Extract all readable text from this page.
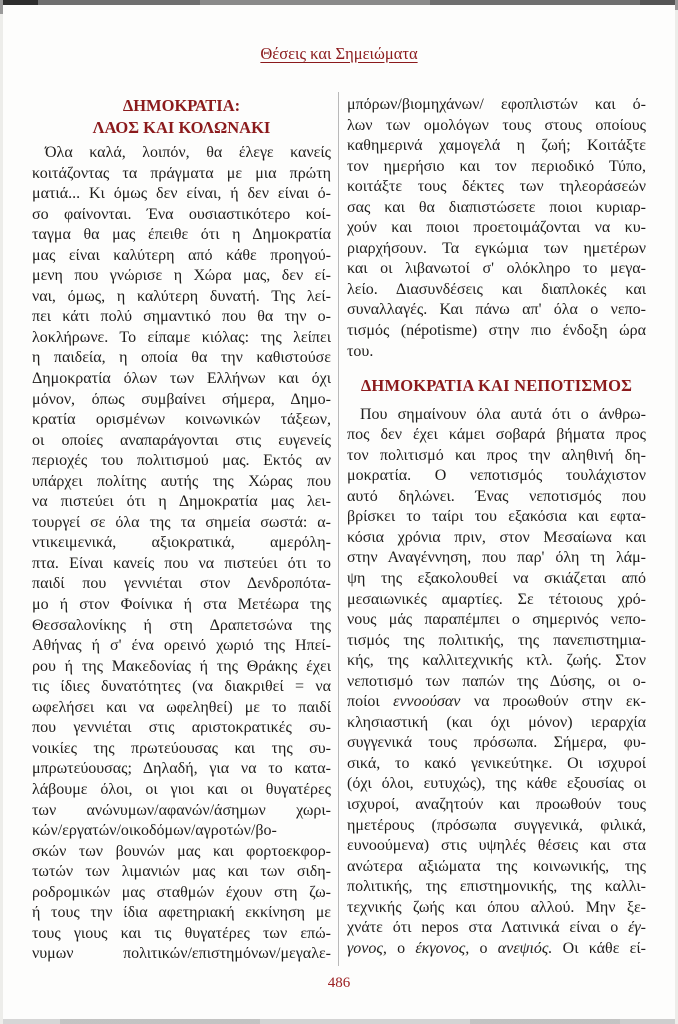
Θέσεις και Σημειώματα
ΔΗΜΟΚΡΑΤΙΑ:
ΛΑΟΣ ΚΑΙ ΚΟΛΩΝΑΚΙ
Όλα καλά, λοιπόν, θα έλεγε κανείς
κοιτάζοντας τα πράγματα με μια πρώτη
ματιά... Κι όμως δεν είναι, ή δεν είναι ό-
σο φαίνονται. Ένα ουσιαστικότερο κοί-
ταγμα θα μας έπειθε ότι η Δημοκρατία
μας είναι καλύτερη από κάθε προηγού-
μενη που γνώρισε η Χώρα μας, δεν εί-
ναι, όμως, η καλύτερη δυνατή. Της λεί-
πει κάτι πολύ σημαντικό που θα την ο-
λοκλήρωνε. Το είπαμε κιόλας: της λείπει
η παιδεία, η οποία θα την καθιστούσε
Δημοκρατία όλων των Ελλήνων και όχι
μόνον, όπως συμβαίνει σήμερα, Δημο-
κρατία ορισμένων κοινωνικών τάξεων,
οι οποίες αναπαράγονται στις ευγενείς
περιοχές του πολιτισμού μας. Εκτός αν
υπάρχει πολίτης αυτής της Χώρας που
να πιστεύει ότι η Δημοκρατία μας λει-
τουργεί σε όλα της τα σημεία σωστά: α-
ντικειμενικά, αξιοκρατικά, αμερόλη-
πτα. Είναι κανείς που να πιστεύει ότι το
παιδί που γεννιέται στον Δενδροπότα-
μο ή στον Φοίνικα ή στα Μετέωρα της
Θεσσαλονίκης ή στη Δραπετσώνα της
Αθήνας ή σ' ένα ορεινό χωριό της Ηπεί-
ρου ή της Μακεδονίας ή της Θράκης έχει
τις ίδιες δυνατότητες (να διακριθεί = να
ωφελήσει και να ωφεληθεί) με το παιδί
που γεννιέται στις αριστοκρατικές συ-
νοικίες της πρωτεύουσας και της συ-
μπρωτεύουσας; Δηλαδή, για να το κατα-
λάβουμε όλοι, οι γιοι και οι θυγατέρες
των ανώνυμων/αφανών/άσημων χωρι-
κών/εργατών/οικοδόμων/αγροτών/βο-
σκών των βουνών μας και φορτοεκφορ-
τωτών των λιμανιών μας και των σιδη-
ροδρομικών μας σταθμών έχουν στη ζω-
ή τους την ίδια αφετηριακή εκκίνηση με
τους γιους και τις θυγατέρες των επώ-
νυμων πολιτικών/επιστημόνων/μεγαλε-
μπόρων/βιομηχάνων/ εφοπλιστών και ό-
λων των ομολόγων τους στους οποίους
καθημερινά χαμογελά η ζωή; Κοιτάξτε
τον ημερήσιο και τον περιοδικό Τύπο,
κοιτάξτε τους δέκτες των τηλεοράσεών
σας και θα διαπιστώσετε ποιοι κυριαρ-
χούν και ποιοι προετοιμάζονται να κυ-
ριαρχήσουν. Τα εγκώμια των ημετέρων
και οι λιβανωτοί σ' ολόκληρο το μεγα-
λείο. Διασυνδέσεις και διαπλοκές και
συναλλαγές. Και πάνω απ' όλα ο νεπο-
τισμός (népotisme) στην πιο ένδοξη ώρα
του.
ΔΗΜΟΚΡΑΤΙΑ ΚΑΙ ΝΕΠΟΤΙΣΜΟΣ
Που σημαίνουν όλα αυτά ότι ο άνθρω-
πος δεν έχει κάμει σοβαρά βήματα προς
τον πολιτισμό και προς την αληθινή δη-
μοκρατία. Ο νεποτισμός τουλάχιστον
αυτό δηλώνει. Ένας νεποτισμός που
βρίσκει το ταίρι του εξακόσια και εφτα-
κόσια χρόνια πριν, στον Μεσαίωνα και
στην Αναγέννηση, που παρ' όλη τη λάμ-
ψη της εξακολουθεί να σκιάζεται από
μεσαιωνικές αμαρτίες. Σε τέτοιους χρό-
νους μάς παραπέμπει ο σημερινός νεπο-
τισμός της πολιτικής, της πανεπιστημια-
κής, της καλλιτεχνικής κτλ. ζωής. Στον
νεποτισμό των παπών της Δύσης, οι ο-
ποίοι εννοούσαν να προωθούν στην εκ-
κλησιαστική (και όχι μόνον) ιεραρχία
συγγενικά τους πρόσωπα. Σήμερα, φυ-
σικά, το κακό γενικεύτηκε. Οι ισχυροί
(όχι όλοι, ευτυχώς), της κάθε εξουσίας οι
ισχυροί, αναζητούν και προωθούν τους
ημετέρους (πρόσωπα συγγενικά, φιλικά,
ευνοούμενα) στις υψηλές θέσεις και στα
ανώτερα αξιώματα της κοινωνικής, της
πολιτικής, της επιστημονικής, της καλλι-
τεχνικής ζωής και όπου αλλού. Μην ξε-
χνάτε ότι nepos στα Λατινικά είναι ο έγ-
γονος, ο έκγονος, ο ανεψιός. Οι κάθε εί-
486
